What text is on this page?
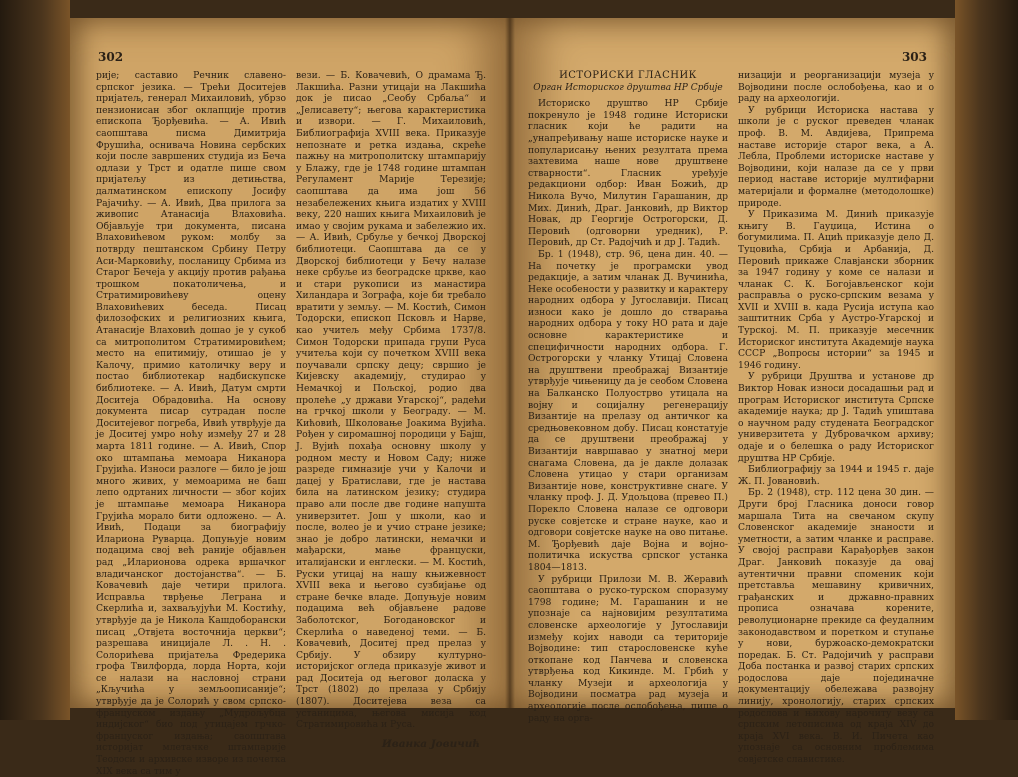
302

рије; саставио Речник славено-српског језика. — Трећи Доситејев пријатељ, генерал Михаиловић, убрзо пензионисан због оклапције против епископа Ђорђевића. — А. Ивић саопштава писма Димитрија Фрушића, оснивача Новина сербских који после завршених студија из Беча одлази у Трст и одатле пише свом пријатељу из детињства, далматинском епископу Јосифу Рајачићу. — А. Ивић, Два прилога за живопис Атанасија Влаховића. Објављује три документа, писана Влаховићевом руком: молбу за потврду пештанском Србину Петру Аси-Марковићу, посланицу Србима из Старог Бечеја у акцију против рађања трошком покатоличења, и Стратимировићеву оцену Влаховићевих беседа. Писац филозофских и религиозних књига, Атанасије Влаховић дошао је у сукоб са митрополитом Стратимировићем; место на епитимију, отишао је у Калочу, примио католичку веру и постао библиотекар надбискупске библиотеке. — А. Ивић, Датум смрти Доситеја Обрадовића. На основу документа писар сутрадан после Доситејевог погреба, Ивић утврђује да је Доситеј умро ноћу између 27 и 28 марта 1811 године. — А. Ивић, Спор око штампања мемоара Никанора Грујића. Износи разлоге — било је још много живих, у мемоарима не баш лепо одртаних личности — због којих је штампање мемоара Никанора Грујића морало бити одложено. — А. Ивић, Подаци за биографију Илариона Руварца. Допуњује новим подацима свој већ раније објављен рад „Иларионова одрека вршачког владичанског достојанства“. — Б. Ковачевић даје четири прилога. Исправља тврђење Леграна и Скерлића и, захваљујући М. Костићу, утврђује да је Никола Кашдоборански писац „Отвјета восточнија церкви“; разрешава иницијале Л. . Н. . Солорићева пријатеља Фредерика грофа Твилфорда, лорда Норта, који се налази на насловној страни „Кључића у земљоописаније“; утврђује да је Солорић у свом српско-француском издању „Мудрољубца индијског“ био под утицајем грчко-француског издања; саопштава историјат млетачке штампарије Теодоси и архивске изворе из почетка XIX века са тим у

вези. — Б. Ковачевић, О драмама Ђ. Лакшића. Разни утицаји на Лакшића док је писао „Сеобу Србаља“ и „Јелисавету“; његова карактеристика и извори. — Г. Михаиловић, Библиографија XVIII века. Приказује непознате и ретка издања, скреће пажњу на митрополитску штампарију у Блажу, где је 1748 године штампан Регуламент Марије Терезије; саопштава да има још 56 незабележених књига издатих у XVIII веку, 220 наших књига Михаиловић је имао у својим рукама и забележио их. — А. Ивић, Србуље у бечкој Дворској библиотеци. Саопштава да се у Дворској библиотеци у Бечу налазе неке србуље из београдске цркве, као и стари рукописи из манастира Хиландара и Зографа, које би требало вратити у земљу. — М. Костић, Симон Тодорски, епископ Псковљ и Нарве, као учитељ међу Србима 1737/8. Симон Тодорски припада групи Руса учитеља који су почетком XVIII века поучавали српску децу; свршио је Кијевску академију, студирао у Немачкој и Пољској, родио два пролеће „у држави Угарској“, радећи на грчкој школи у Београду. — М. Кићовић, Школовање Јоакима Вујића. Рођен у сиромашној породици у Бајш, Ј. Вујић похађа основну школу у родном месту и Новом Саду; ниже разреде гимназије учи у Калочи и дацеј у Братислави, где је настава била на латинском језику; студира право али после две године напушта универзитет. Још у школи, као и после, волео је и учио стране језике; знао је добро латински, немачки и мађарски, мање француски, италијански и енглески. — М. Костић, Руски утицај на нашу књижевност XVIII века и његово сузбијање од стране бечке владе. Допуњује новим подацима већ објављене радове Заболотског, Богодановског и Скерлића о наведеној теми. — Б. Ковачевић, Доситеј пред прелаз у Србију. У обзиру културно-историјског огледа приказује живот и рад Доситеја од његовог доласка у Трст (1802) до прелаза у Србију (1807). Доситејева веза са устаницима, његова мисија код Стратимировића и Руса.

Иванка Јовичић
303
ИСТОРИСКИ ГЛАСНИК
Орган Историског друштва НР Србије

Историско друштво НР Србије покренуло је 1948 године Историски гласник који ће радити на „унапређивању наше историске науке и популарисању њених резултата према захтевима наше нове друштвене стварности“. Гласник уређује редакциони одбор: Иван Божић, др Никола Вучо, Милутин Гарашанин, др Мих. Динић, Драг. Јанковић, др Виктор Новак, др Георгије Острогорски, Д. Перовић (одговорни уредник), Р. Перовић, др Ст. Радојчић и др Ј. Тадић.

Бр. 1 (1948), стр. 96, цена дин. 40. — На почетку је програмски увод редакције, а затим чланак Д. Вучинића, Неке особености у развитку и карактеру народних одбора у Југославији. Писац износи како је дошло до стварања народних одбора у току НО рата и даје основне карактеристике и специфичности народних одбора. Г. Острогорски у чланку Утицај Словена на друштвени преображај Византије утврђује чињеницу да је сеобом Словена на Балканско Полуострво утицала на војну и социјалну регенерацију Византије на прелазу од античког ка средњовековном добу. Писац констатује да се друштвени преображај у Византији навршавао у знатној мери снагама Словена, да је дакле долазак Словена утицао у стари организам Византије нове, конструктивне снаге. У чланку проф. Ј. Д. Удољцова (превео П.) Порекло Словена налазе се одговори руске совјетске и стране науке, као и одговори совјетске науке на ово питање. М. Ђорђевић даје Војна и војно-политичка искуства српског устанка 1804—1813.

У рубрици Прилози М. В. Жеравић саопштава о руско-турском споразуму 1798 године; М. Гарашанин и не упознаје са најновијим резултатима словенске археологије у Југославији између којих наводи са територије Војводине: тип старословенске куће откопане код Панчева и словенска утврђења код Кикинде. М. Грбић у чланку Музеји и археологија у Војводини посматра рад музеја и археологије после ослобођења, пише о раду на орга-

низацији и реорганизацији музеја у Војводини после ослобођења, као и о раду на археологији.

У рубрици Историска настава у школи је с руског преведен чланак проф. В. М. Авдијева, Припрема наставе историје старог века, а А. Лебла, Проблеми историске наставе у Војводини, који налазе да се у први период наставе историје мултифарни материјали и формалне (методолошке) природе.

У Приказима М. Динић приказује књигу В. Гауџица, Истина о богумилима. П. Ацић приказује дело Д. Туцовића, Србија и Арбанија, Д. Перовић прикаже Славјански зборник за 1947 годину у коме се налази и чланак С. К. Богојављенског који расправља о руско-српским везама у XVII и XVIII в. када Русија иступа као заштитник Срба у Аустро-Угарској и Турској. М. П. приказује месечник Историског института Академије наука СССР „Вопросы истории“ за 1945 и 1946 годину.

У рубрици Друштва и установе др Виктор Новак износи досадашњи рад и програм Историског института Српске академије наука; др Ј. Тадић упиштава о научном раду студената Београдског универзитета у Дубровачком архиву; одаје и о белешка о раду Историског друштва НР Србије.

Библиографију за 1944 и 1945 г. даје Ж. П. Јовановић.

Бр. 2 (1948), стр. 112 цена 30 дин. — Други број Гласника доноси говор маршала Тита на свечаном скупу Словенског академије знаности и уметности, а затим чланке и расправе. У својој расправи Карађорђев закон Драг. Јанковић показује да овај аутентични правни споменик који претставља мешавину кривичних, грађанских и државно-правних прописа означава корените, револуционарне прекиде са феудалним законодавством и поретком и ступање у нови, буржоаско-демократски поредак. Б. Ст. Радојичић у расправи Добa постанка и развој старих српских родослова даје појединачне документацију обележава развојну линију, хронологију, старих српских родослова и њихову нарочиту везу са српским летописима од краја XIV до краја XVI века. В. И. Пичета као упознаје са основним проблемима совјетске славистике.
